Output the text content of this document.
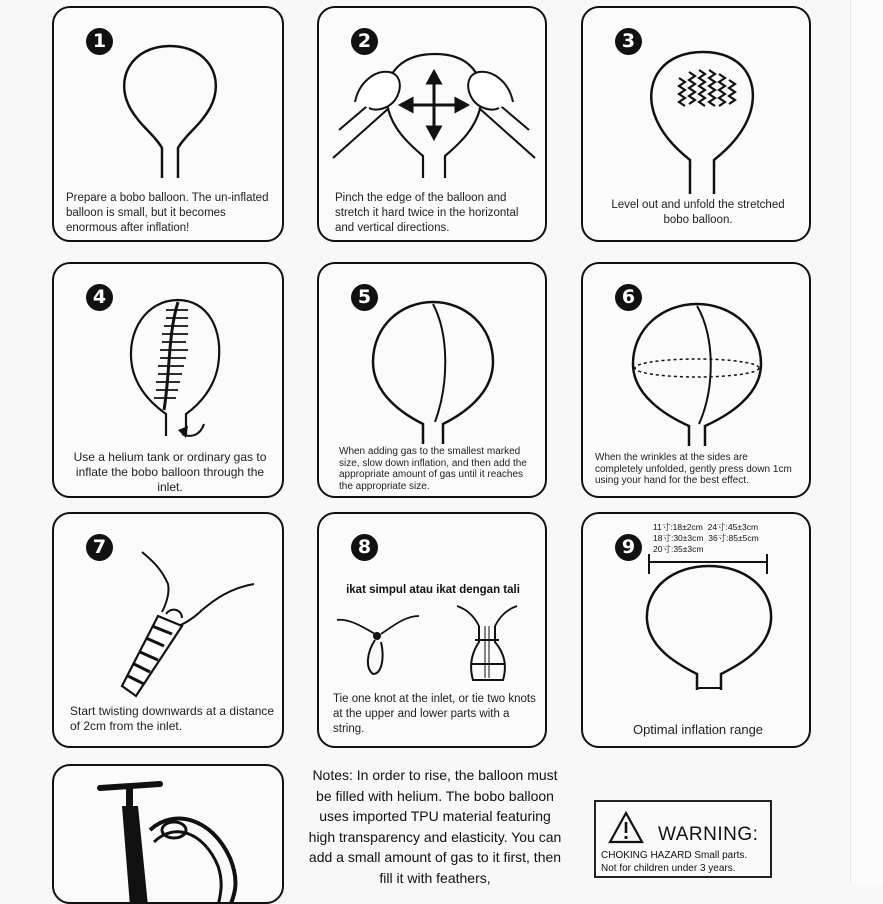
1

Prepare a bobo balloon. The un-inflated balloon is small, but it becomes enormous after inflation!

2

Pinch the edge of the balloon and stretch it hard twice in the horizontal and vertical directions.

3

Level out and unfold the stretched bobo balloon.

4

Use a helium tank or ordinary gas to inflate the bobo balloon through the inlet.

5

When adding gas to the smallest marked size, slow down inflation, and then add the appropriate amount of gas until it reaches the appropriate size.

6

When the wrinkles at the sides are completely unfolded, gently press down 1cm using your hand for the best effect.

7

Start twisting downwards at a distance of 2cm from the inlet.

8
ikat simpul atau ikat dengan tali

Tie one knot at the inlet, or tie two knots at the upper and lower parts with a string.

9
11寸:18±2cm  24寸:45±3cm
18寸:30±3cm  36寸:85±5cm
20寸:35±3cm

Optimal inflation range

Notes: In order to rise, the balloon must be filled with helium. The bobo balloon uses imported TPU material featuring high transparency and elasticity. You can add a small amount of gas to it first, then fill it with feathers,

WARNING:
CHOKING HAZARD Small parts.
Not for children under 3 years.
